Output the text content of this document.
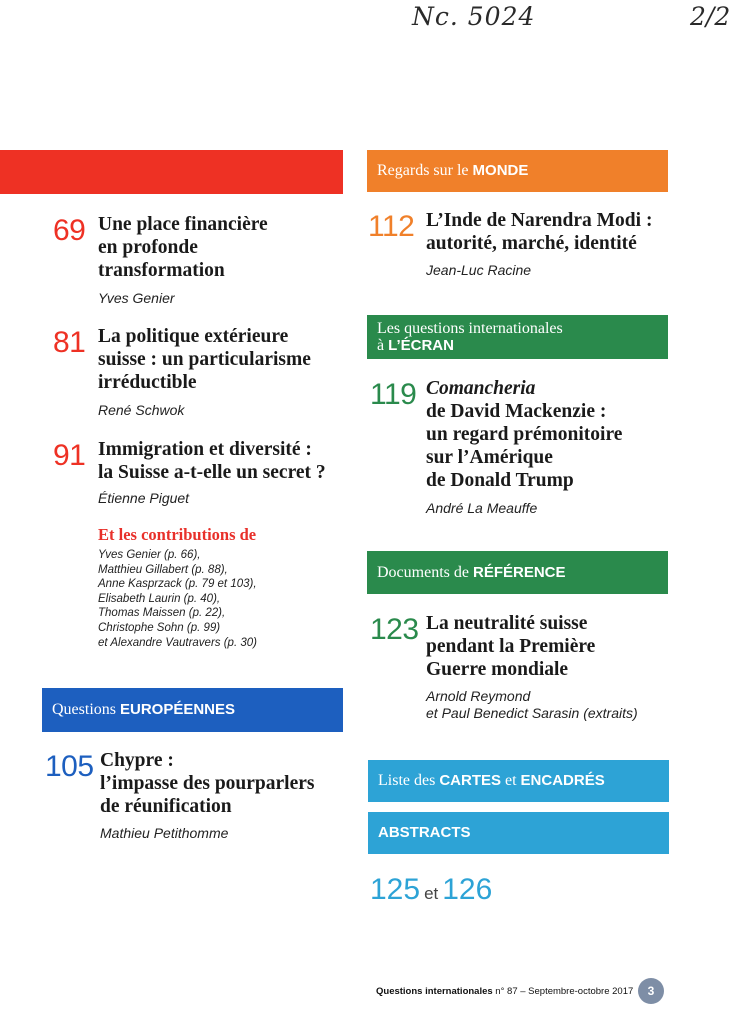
Nc. 5024	2/2
69 Une place financière
en profonde
transformation
Yves Genier
81 La politique extérieure
suisse : un particularisme
irréductible
René Schwok
91 Immigration et diversité :
la Suisse a-t-elle un secret ?
Étienne Piguet
Et les contributions de
Yves Genier (p. 66),
Matthieu Gillabert (p. 88),
Anne Kasprzack (p. 79 et 103),
Elisabeth Laurin (p. 40),
Thomas Maissen (p. 22),
Christophe Sohn (p. 99)
et Alexandre Vautravers (p. 30)
Questions EUROPÉENNES
105 Chypre :
l’impasse des pourparlers
de réunification
Mathieu Petithomme
Regards sur le MONDE
112 L’Inde de Narendra Modi :
autorité, marché, identité
Jean-Luc Racine
Les questions internationales
à L’ÉCRAN
119 Comancheria
de David Mackenzie :
un regard prémonitoire
sur l’Amérique
de Donald Trump
André La Meauffe
Documents de RÉFÉRENCE
123 La neutralité suisse
pendant la Première
Guerre mondiale
Arnold Reymond
et Paul Benedict Sarasin (extraits)
Liste des CARTES et ENCADRÉS
ABSTRACTS
125 et 126
Questions internationales n° 87 – Septembre-octobre 2017	3
